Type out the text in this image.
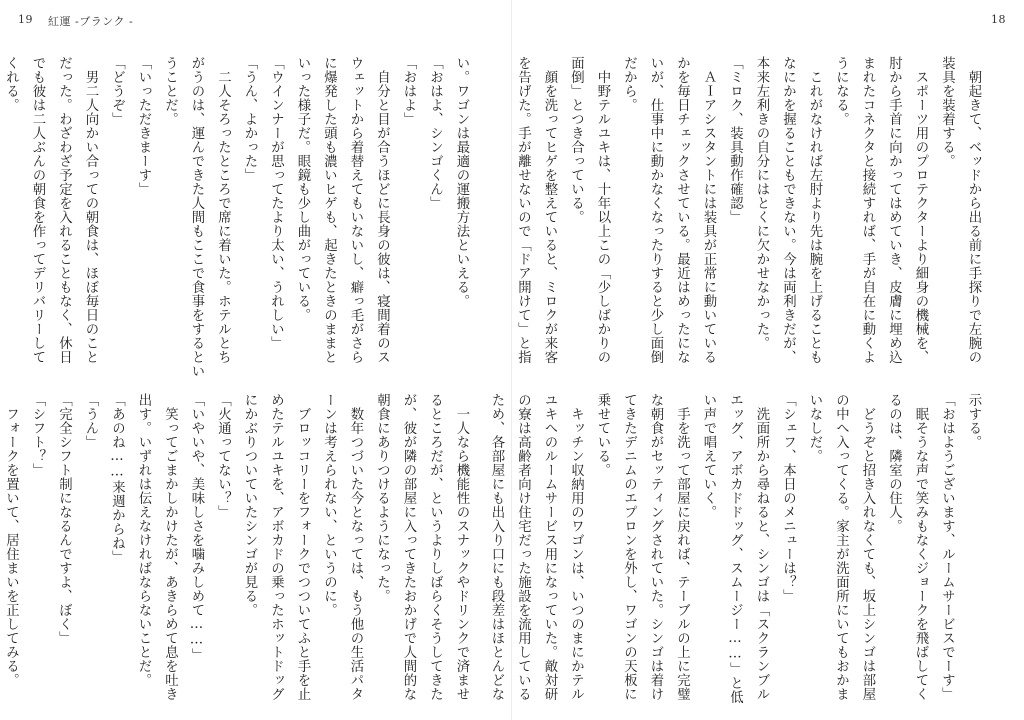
19 紅運 -ブランク -
い。ワゴンは最適の運搬方法といえる。
「おはよ、シンゴくん」
「おはよ」
　自分と目が合うほどに長身の彼は、寝間着のス
ウェットから着替えてもいないし、癖っ毛がさら
に爆発した頭も濃いヒゲも、起きたときのままと
いった様子だ。眼鏡も少し曲がっている。
「ウインナーが思ってたより太い、うれしい」
「うん、よかった」
　二人そろったところで席に着いた。ホテルとち
がうのは、運んできた人間もここで食事をするとい
うことだ。
「いっただきまーす」
「どうぞ」
　男二人向かい合っての朝食は、ほぼ毎日のこと
だった。わざわざ予定を入れることもなく、休日
でも彼は二人ぶんの朝食を作ってデリバリーして
くれる。
　一人なら機能性のスナックやドリンクで済ませ
るところだが、というよりしばらくそうしてきた
が、彼が隣の部屋に入ってきたおかげで人間的な
朝食にありつけるようになった。
　数年つづいた今となっては、もう他の生活パタ
ーンは考えられない、というのに。
　ブロッコリーをフォークでつついてふと手を止
めたテルユキを、アボカドの乗ったホットドッグ
にかぶりついていたシンゴが見る。
「火通ってない？」
「いやいや、美味しさを噛みしめて……」
　笑ってごまかしかけたが、あきらめて息を吐き
出す。いずれは伝えなければならないことだ。
「あのね……来週からね」
「うん」
「完全シフト制になるんですよ、ぼく」
「シフト？」
　フォークを置いて、居住まいを正してみる。
18
　朝起きて、ベッドから出る前に手探りで左腕の
装具を装着する。
　スポーツ用のプロテクターより細身の機械を、
肘から手首に向かってはめていき、皮膚に埋め込
まれたコネクタと接続すれば、手が自在に動くよ
うになる。
　これがなければ左肘より先は腕を上げることも
なにかを握ることもできない。今は両利きだが、
本来左利きの自分にはとくに欠かせなかった。
「ミロク、装具動作確認」
　ＡＩアシスタントには装具が正常に動いている
かを毎日チェックさせている。最近はめったにな
いが、仕事中に動かなくなったりすると少し面倒
だから。
　中野テルユキは、十年以上この「少しばかりの
面倒」とつき合っている。
　顔を洗ってヒゲを整えていると、ミロクが来客
を告げた。手が離せないので「ドア開けて」と指
示する。
「おはようございます、ルームサービスでーす」
　眠そうな声で笑みもなくジョークを飛ばしてく
るのは、隣室の住人。
　どうぞと招き入れなくても、坂上シンゴは部屋
の中へ入ってくる。家主が洗面所にいてもおかま
いなしだ。
「シェフ、本日のメニューは？」
　洗面所から尋ねると、シンゴは「スクランブル
エッグ、アボカドドッグ、スムージー……」と低
い声で唱えていく。
　手を洗って部屋に戻れば、テーブルの上に完璧
な朝食がセッティングされていた。シンゴは着け
てきたデニムのエプロンを外し、ワゴンの天板に
乗せている。
　キッチン収納用のワゴンは、いつのまにかテル
ユキへのルームサービス用になっていた。敵対研
の寮は高齢者向け住宅だった施設を流用している
ため、各部屋にも出入り口にも段差はほとんどな
